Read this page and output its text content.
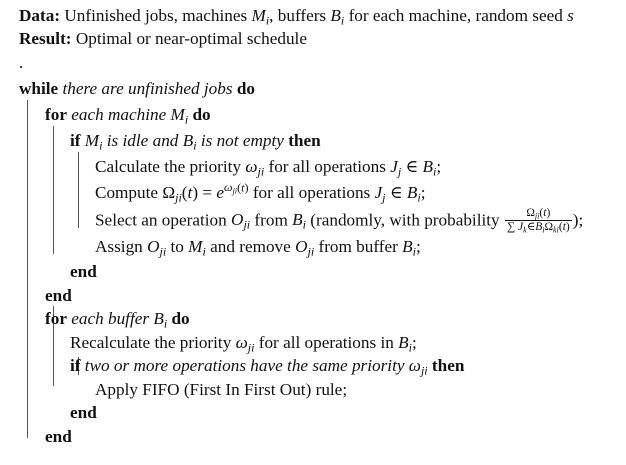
Data: Unfinished jobs, machines $M_i$, buffers $B_i$ for each machine, random seed s
Result: Optimal or near-optimal schedule
.
while there are unfinished jobs do
for each machine $M_i$ do
if $M_i$ is idle and $B_i$ is not empty then
Calculate the priority $\omega_{ji}$ for all operations $J_j$ ∈ $B_i$;
Compute $\Omega_{ji}(t) = e^{\omega_{ji}(t)}$ for all operations $J_j$ ∈ $B_i$;
Select an operation $O_{ji}$ from $B_i$ (randomly, with probability $\frac{\Omega_{ji}(t)}{\sum J_k\in B_i\Omega_{ki}(t)}$ );
Assign $O_{ji}$ to $M_i$ and remove $O_{ji}$ from buffer $B_i$;
end
end
for each buffer $B_i$ do
Recalculate the priority $\omega_{ji}$ for all operations in $B_i$;
if two or more operations have the same priority $\omega_{ji}$ then
Apply FIFO (First In First Out) rule;
end
end
